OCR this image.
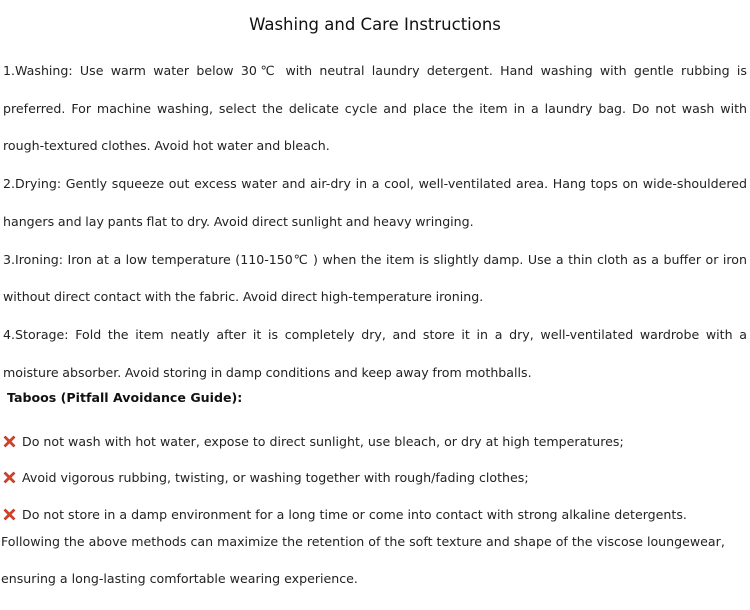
Washing and Care Instructions

1.Washing: Use warm water below 30℃ with neutral laundry detergent. Hand washing with gentle rubbing is preferred. For machine washing, select the delicate cycle and place the item in a laundry bag. Do not wash with rough-textured clothes. Avoid hot water and bleach.

2.Drying: Gently squeeze out excess water and air-dry in a cool, well-ventilated area. Hang tops on wide-shouldered hangers and lay pants flat to dry. Avoid direct sunlight and heavy wringing.

3.Ironing: Iron at a low temperature (110-150℃ ) when the item is slightly damp. Use a thin cloth as a buffer or iron without direct contact with the fabric. Avoid direct high-temperature ironing.

4.Storage: Fold the item neatly after it is completely dry, and store it in a dry, well-ventilated wardrobe with a moisture absorber. Avoid storing in damp conditions and keep away from mothballs.

Taboos (Pitfall Avoidance Guide):
Do not wash with hot water, expose to direct sunlight, use bleach, or dry at high temperatures;
Avoid vigorous rubbing, twisting, or washing together with rough/fading clothes;
Do not store in a damp environment for a long time or come into contact with strong alkaline detergents.

Following the above methods can maximize the retention of the soft texture and shape of the viscose loungewear, ensuring a long-lasting comfortable wearing experience.
